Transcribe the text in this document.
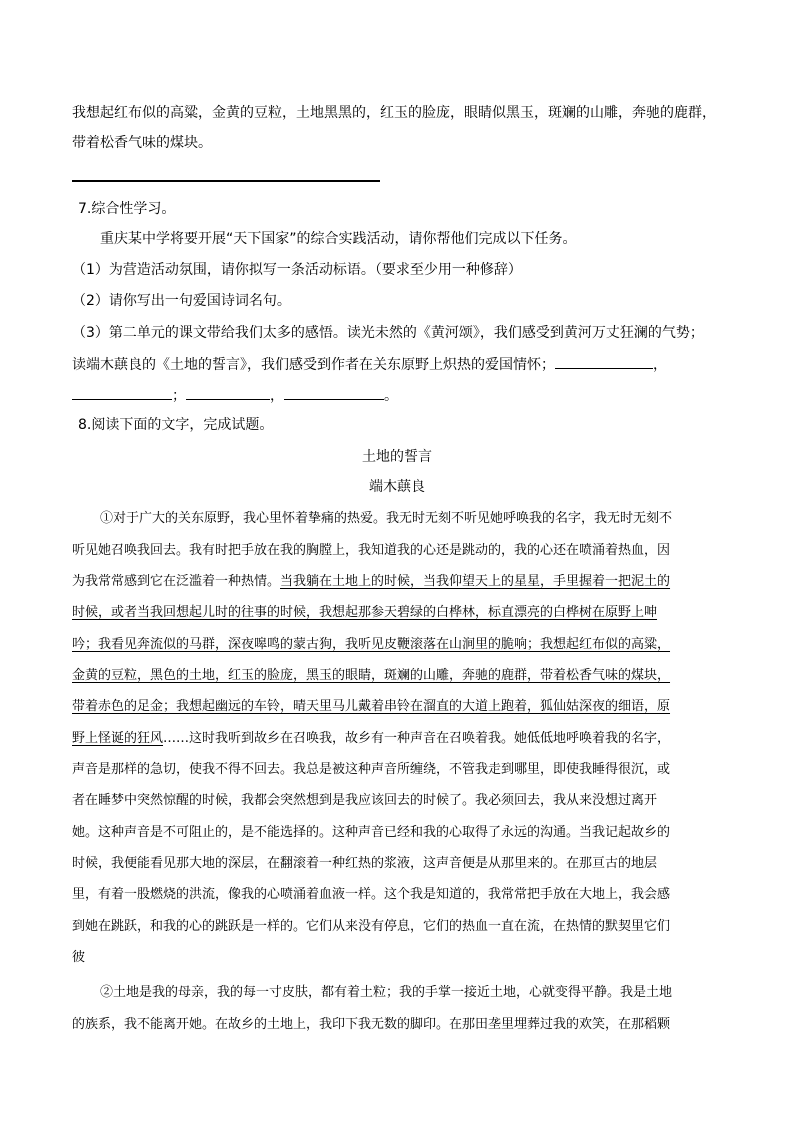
我想起红布似的高粱，金黄的豆粒，土地黑黑的，红玉的脸庞，眼睛似黑玉，斑斓的山雕，奔驰的鹿群，
带着松香气味的煤块。
7.综合性学习。
重庆某中学将要开展“天下国家”的综合实践活动，请你帮他们完成以下任务。
（1）为营造活动氛围，请你拟写一条活动标语。（要求至少用一种修辞）
（2）请你写出一句爱国诗词名句。
（3）第二单元的课文带给我们太多的感悟。读光未然的《黄河颂》，我们感受到黄河万丈狂澜的气势；
读端木蕻良的《土地的誓言》，我们感受到作者在关东原野上炽热的爱国情怀；	，
；	，	。
8.阅读下面的文字，完成试题。
土地的誓言
端木蕻良
①对于广大的关东原野，我心里怀着挚痛的热爱。我无时无刻不听见她呼唤我的名字，我无时无刻不
听见她召唤我回去。我有时把手放在我的胸膛上，我知道我的心还是跳动的，我的心还在喷涌着热血，因
为我常常感到它在泛滥着一种热情。当我躺在土地上的时候，当我仰望天上的星星，手里握着一把泥土的
时候，或者当我回想起儿时的往事的时候，我想起那参天碧绿的白桦林，标直漂亮的白桦树在原野上呻
吟；我看见奔流似的马群，深夜嗥鸣的蒙古狗，我听见皮鞭滚落在山涧里的脆响；我想起红布似的高粱，
金黄的豆粒，黑色的土地，红玉的脸庞，黑玉的眼睛，斑斓的山雕，奔驰的鹿群，带着松香气味的煤块，
带着赤色的足金；我想起幽远的车铃，晴天里马儿戴着串铃在溜直的大道上跑着，狐仙姑深夜的细语，原
野上怪诞的狂风……这时我听到故乡在召唤我，故乡有一种声音在召唤着我。她低低地呼唤着我的名字，
声音是那样的急切，使我不得不回去。我总是被这种声音所缠绕，不管我走到哪里，即使我睡得很沉，或
者在睡梦中突然惊醒的时候，我都会突然想到是我应该回去的时候了。我必须回去，我从来没想过离开
她。这种声音是不可阻止的，是不能选择的。这种声音已经和我的心取得了永远的沟通。当我记起故乡的
时候，我便能看见那大地的深层，在翻滚着一种红热的浆液，这声音便是从那里来的。在那亘古的地层
里，有着一股燃烧的洪流，像我的心喷涌着血液一样。这个我是知道的，我常常把手放在大地上，我会感
到她在跳跃，和我的心的跳跃是一样的。它们从来没有停息，它们的热血一直在流，在热情的默契里它们
彼
②土地是我的母亲，我的每一寸皮肤，都有着土粒；我的手掌一接近土地，心就变得平静。我是土地
的族系，我不能离开她。在故乡的土地上，我印下我无数的脚印。在那田垄里埋葬过我的欢笑，在那稻颗
